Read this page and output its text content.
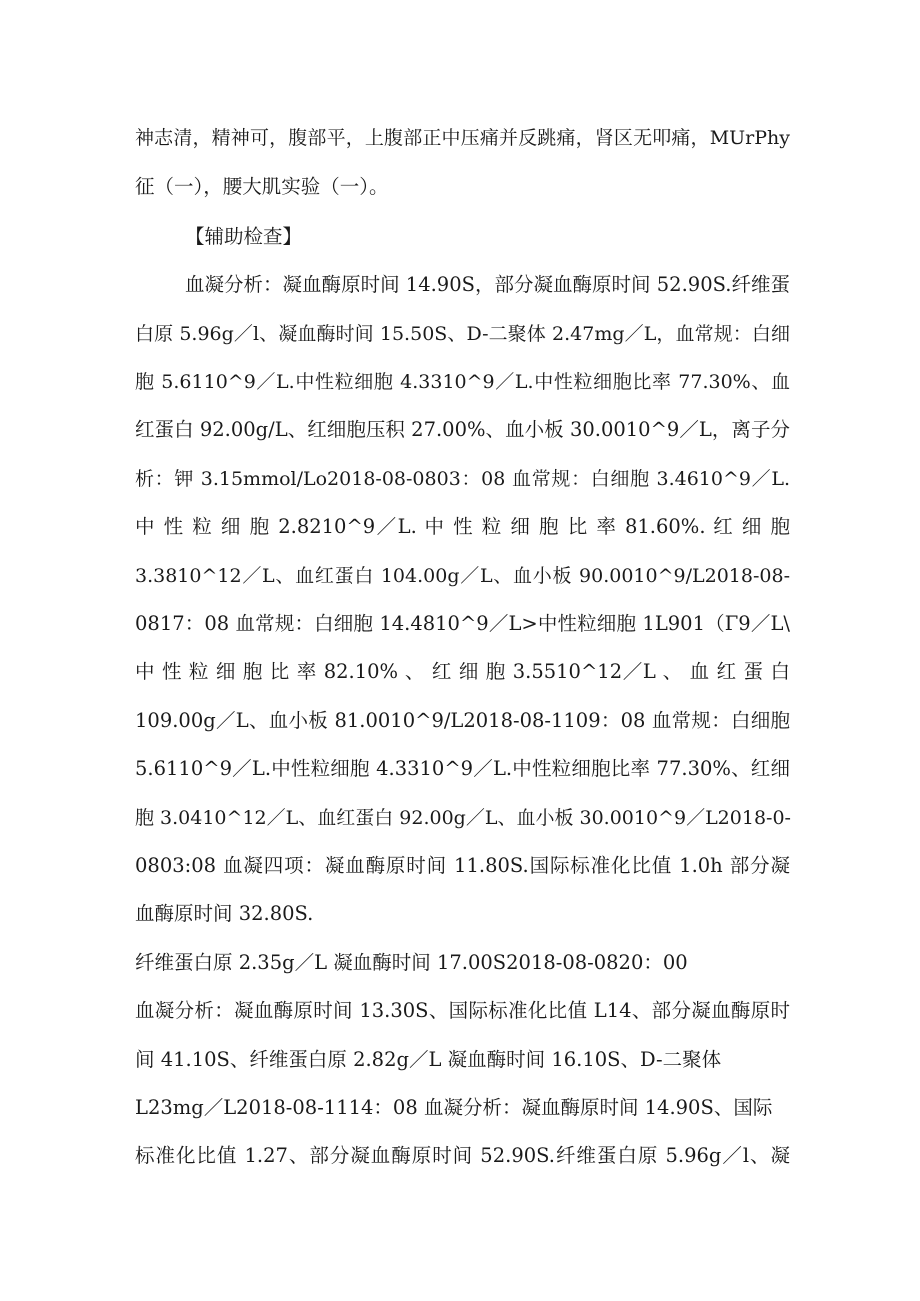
神志清，精神可，腹部平，上腹部正中压痛并反跳痛，肾区无叩痛，MUrPhy
征（一），腰大肌实验（一）。
【辅助检查】
血凝分析：凝血酶原时间 14.90S，部分凝血酶原时间 52.90S.纤维蛋
白原 5.96g／l、凝血酶时间 15.50S、D-二聚体 2.47mg／L，血常规：白细
胞 5.6110^9／L.中性粒细胞 4.3310^9／L.中性粒细胞比率 77.30%、血
红蛋白 92.00g/L、红细胞压积 27.00%、血小板 30.0010^9／L，离子分
析：钾 3.15mmol/Lo2018-08-0803：08 血常规：白细胞 3.4610^9／L.
中 性 粒 细 胞 2.8210^9／L. 中 性 粒 细 胞 比 率 81.60%. 红 细 胞
3.3810^12／L、血红蛋白 104.00g／L、血小板 90.0010^9/L2018-08-
0817：08 血常规：白细胞 14.4810^9／L>中性粒细胞 1L901（Γ9／L\
中 性 粒 细 胞 比 率 82.10% 、 红 细 胞 3.5510^12／L 、 血 红 蛋 白
109.00g／L、血小板 81.0010^9/L2018-08-1109：08 血常规：白细胞
5.6110^9／L.中性粒细胞 4.3310^9／L.中性粒细胞比率 77.30%、红细
胞 3.0410^12／L、血红蛋白 92.00g／L、血小板 30.0010^9／L2018-0-
0803:08 血凝四项：凝血酶原时间 11.80S.国际标准化比值 1.0h 部分凝
血酶原时间 32.80S.
纤维蛋白原 2.35g／L 凝血酶时间 17.00S2018-08-0820：00
血凝分析：凝血酶原时间 13.30S、国际标准化比值 L14、部分凝血酶原时
间 41.10S、纤维蛋白原 2.82g／L 凝血酶时间 16.10S、D-二聚体
L23mg／L2018-08-1114：08 血凝分析：凝血酶原时间 14.90S、国际
标准化比值 1.27、部分凝血酶原时间 52.90S.纤维蛋白原 5.96g／l、凝
